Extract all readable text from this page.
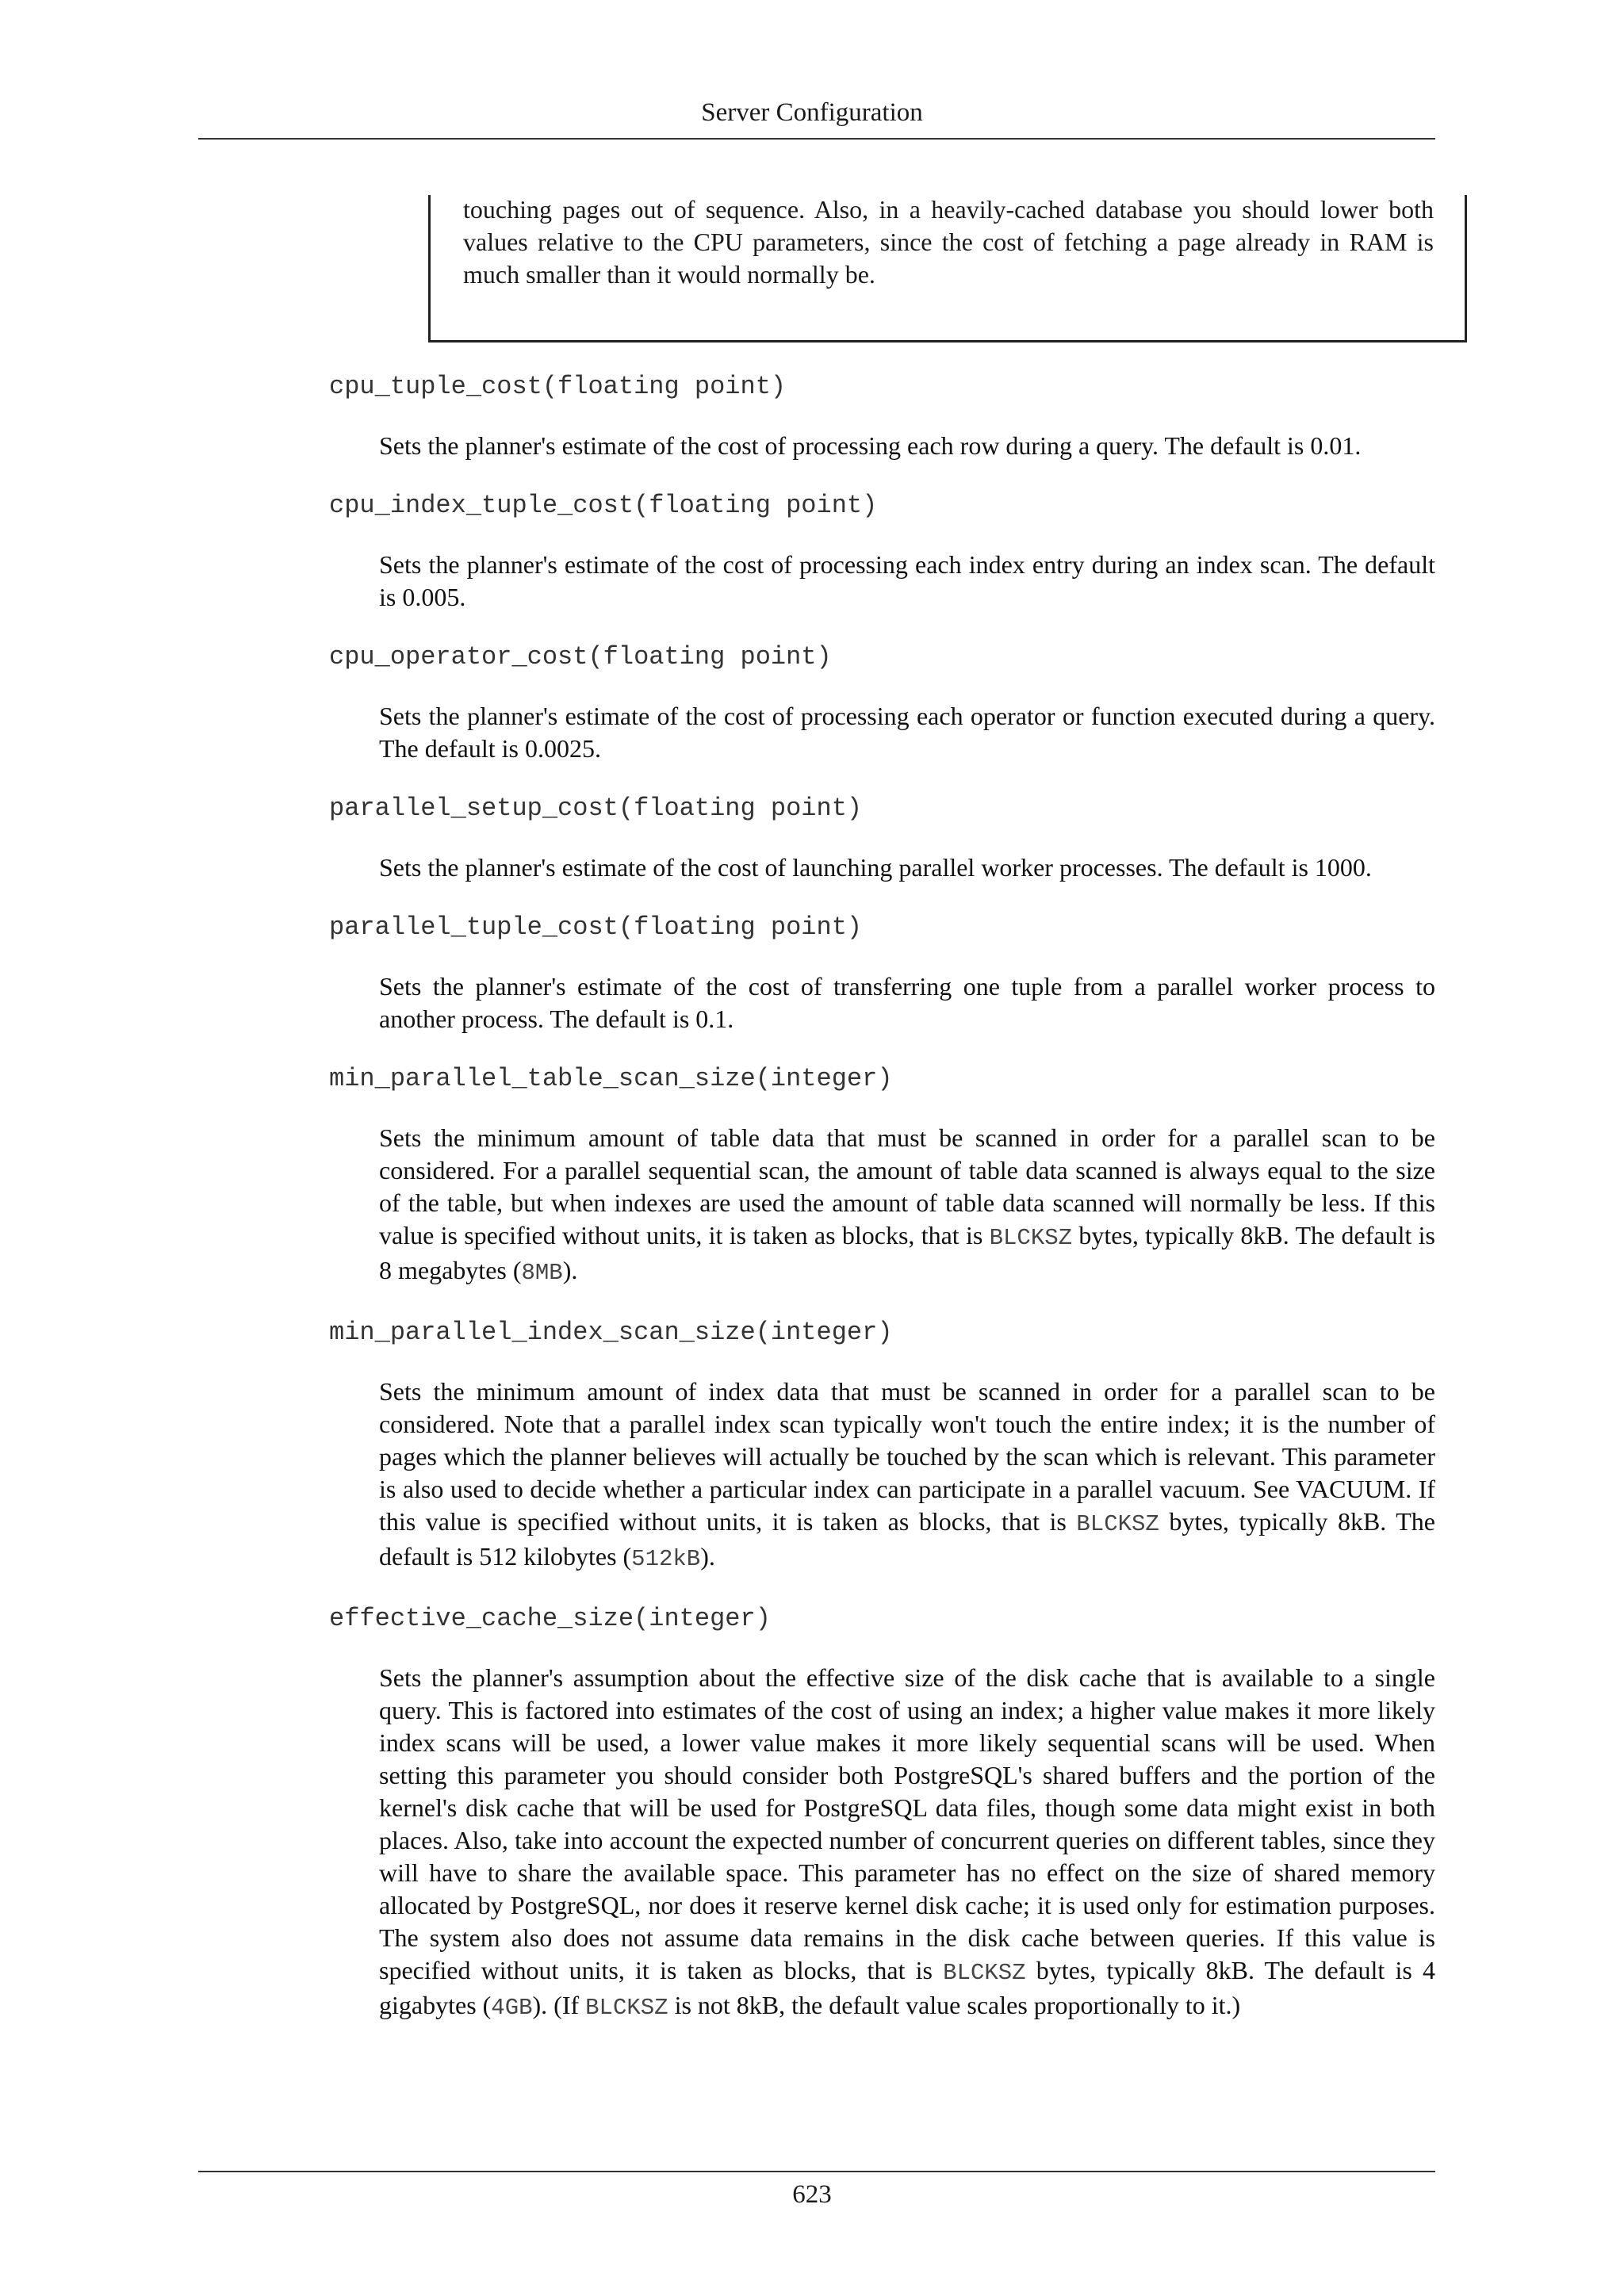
Server Configuration
touching pages out of sequence. Also, in a heavily-cached database you should lower both values relative to the CPU parameters, since the cost of fetching a page already in RAM is much smaller than it would normally be.
cpu_tuple_cost(floating point)
Sets the planner's estimate of the cost of processing each row during a query. The default is 0.01.
cpu_index_tuple_cost(floating point)
Sets the planner's estimate of the cost of processing each index entry during an index scan. The default is 0.005.
cpu_operator_cost(floating point)
Sets the planner's estimate of the cost of processing each operator or function executed during a query. The default is 0.0025.
parallel_setup_cost(floating point)
Sets the planner's estimate of the cost of launching parallel worker processes. The default is 1000.
parallel_tuple_cost(floating point)
Sets the planner's estimate of the cost of transferring one tuple from a parallel worker process to another process. The default is 0.1.
min_parallel_table_scan_size(integer)
Sets the minimum amount of table data that must be scanned in order for a parallel scan to be considered. For a parallel sequential scan, the amount of table data scanned is always equal to the size of the table, but when indexes are used the amount of table data scanned will normally be less. If this value is specified without units, it is taken as blocks, that is BLCKSZ bytes, typically 8kB. The default is 8 megabytes (8MB).
min_parallel_index_scan_size(integer)
Sets the minimum amount of index data that must be scanned in order for a parallel scan to be considered. Note that a parallel index scan typically won't touch the entire index; it is the number of pages which the planner believes will actually be touched by the scan which is relevant. This parameter is also used to decide whether a particular index can participate in a parallel vacuum. See VACUUM. If this value is specified without units, it is taken as blocks, that is BLCKSZ bytes, typically 8kB. The default is 512 kilobytes (512kB).
effective_cache_size(integer)
Sets the planner's assumption about the effective size of the disk cache that is available to a single query. This is factored into estimates of the cost of using an index; a higher value makes it more likely index scans will be used, a lower value makes it more likely sequential scans will be used. When setting this parameter you should consider both PostgreSQL's shared buffers and the portion of the kernel's disk cache that will be used for PostgreSQL data files, though some data might exist in both places. Also, take into account the expected number of concurrent queries on different tables, since they will have to share the available space. This parameter has no effect on the size of shared memory allocated by PostgreSQL, nor does it reserve kernel disk cache; it is used only for estimation purposes. The system also does not assume data remains in the disk cache between queries. If this value is specified without units, it is taken as blocks, that is BLCKSZ bytes, typically 8kB. The default is 4 gigabytes (4GB). (If BLCKSZ is not 8kB, the default value scales proportionally to it.)
623
